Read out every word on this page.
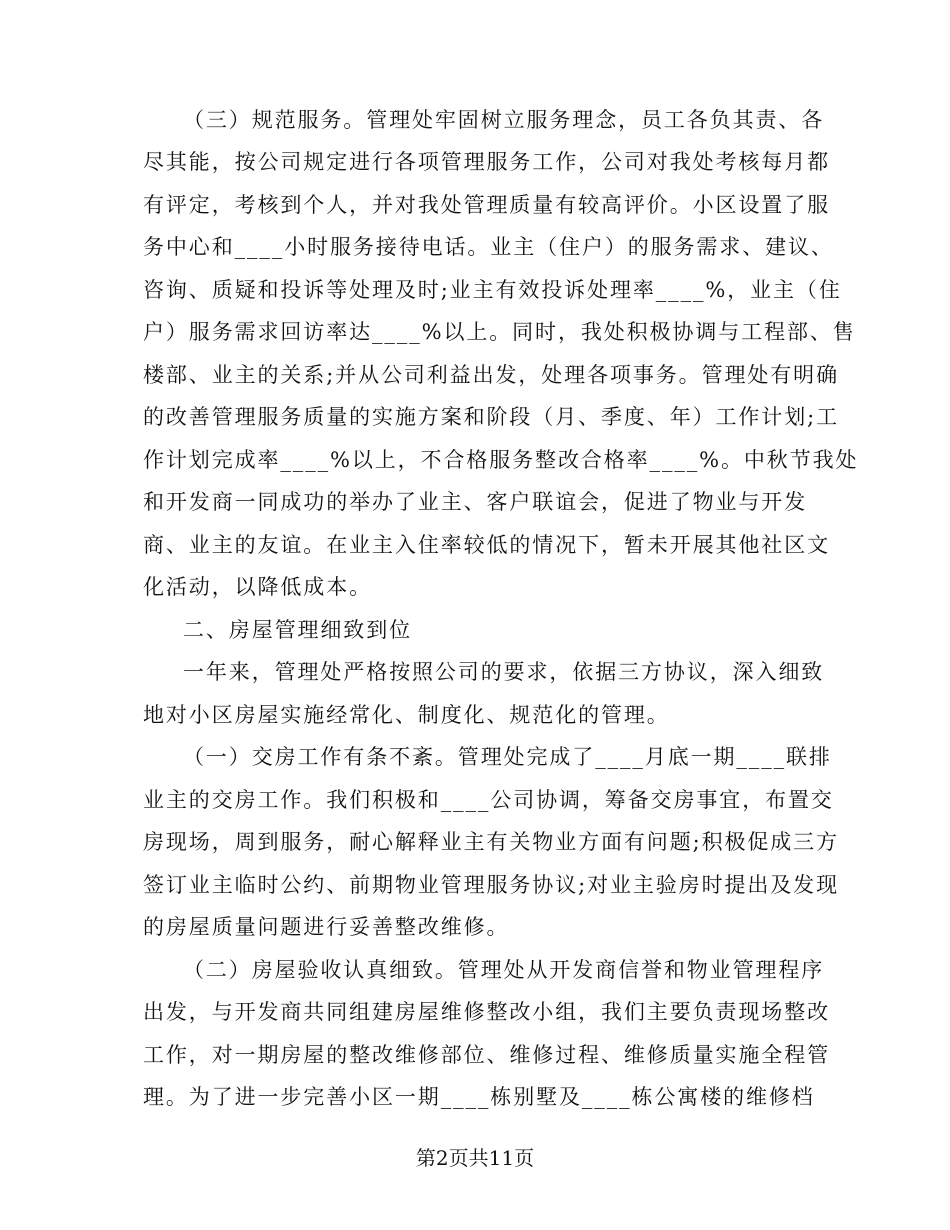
（三）规范服务。管理处牢固树立服务理念，员工各负其责、各
尽其能，按公司规定进行各项管理服务工作，公司对我处考核每月都
有评定，考核到个人，并对我处管理质量有较高评价。小区设置了服
务中心和____小时服务接待电话。业主（住户）的服务需求、建议、
咨询、质疑和投诉等处理及时;业主有效投诉处理率____%，业主（住
户）服务需求回访率达____%以上。同时，我处积极协调与工程部、售
楼部、业主的关系;并从公司利益出发，处理各项事务。管理处有明确
的改善管理服务质量的实施方案和阶段（月、季度、年）工作计划;工
作计划完成率____%以上，不合格服务整改合格率____%。中秋节我处
和开发商一同成功的举办了业主、客户联谊会，促进了物业与开发
商、业主的友谊。在业主入住率较低的情况下，暂未开展其他社区文
化活动，以降低成本。
二、房屋管理细致到位
一年来，管理处严格按照公司的要求，依据三方协议，深入细致
地对小区房屋实施经常化、制度化、规范化的管理。
（一）交房工作有条不紊。管理处完成了____月底一期____联排
业主的交房工作。我们积极和____公司协调，筹备交房事宜，布置交
房现场，周到服务，耐心解释业主有关物业方面有问题;积极促成三方
签订业主临时公约、前期物业管理服务协议;对业主验房时提出及发现
的房屋质量问题进行妥善整改维修。
（二）房屋验收认真细致。管理处从开发商信誉和物业管理程序
出发，与开发商共同组建房屋维修整改小组，我们主要负责现场整改
工作，对一期房屋的整改维修部位、维修过程、维修质量实施全程管
理。为了进一步完善小区一期____栋别墅及____栋公寓楼的维修档
第2页共11页
